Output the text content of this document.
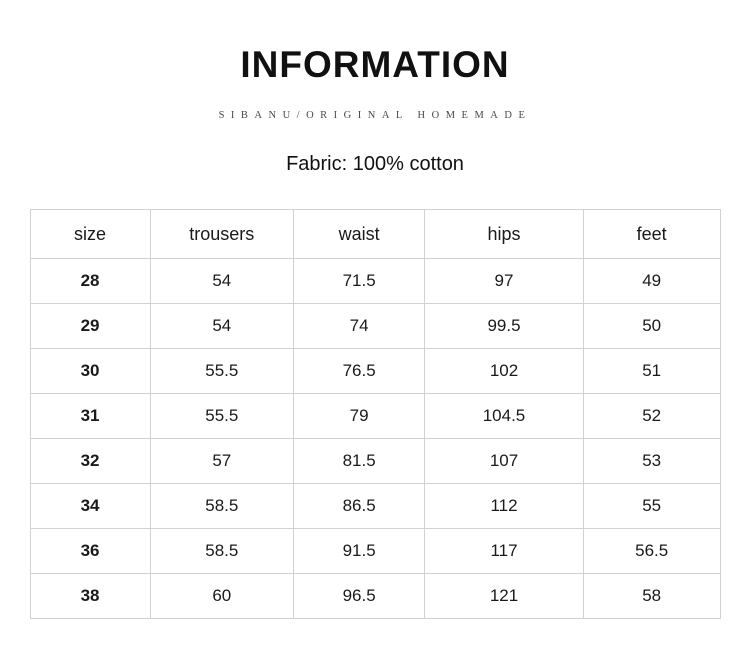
INFORMATION
SIBANU/ORIGINAL HOMEMADE
Fabric: 100% cotton
size	trousers	waist	hips	feet
28	54	71.5	97	49
29	54	74	99.5	50
30	55.5	76.5	102	51
31	55.5	79	104.5	52
32	57	81.5	107	53
34	58.5	86.5	112	55
36	58.5	91.5	117	56.5
38	60	96.5	121	58
